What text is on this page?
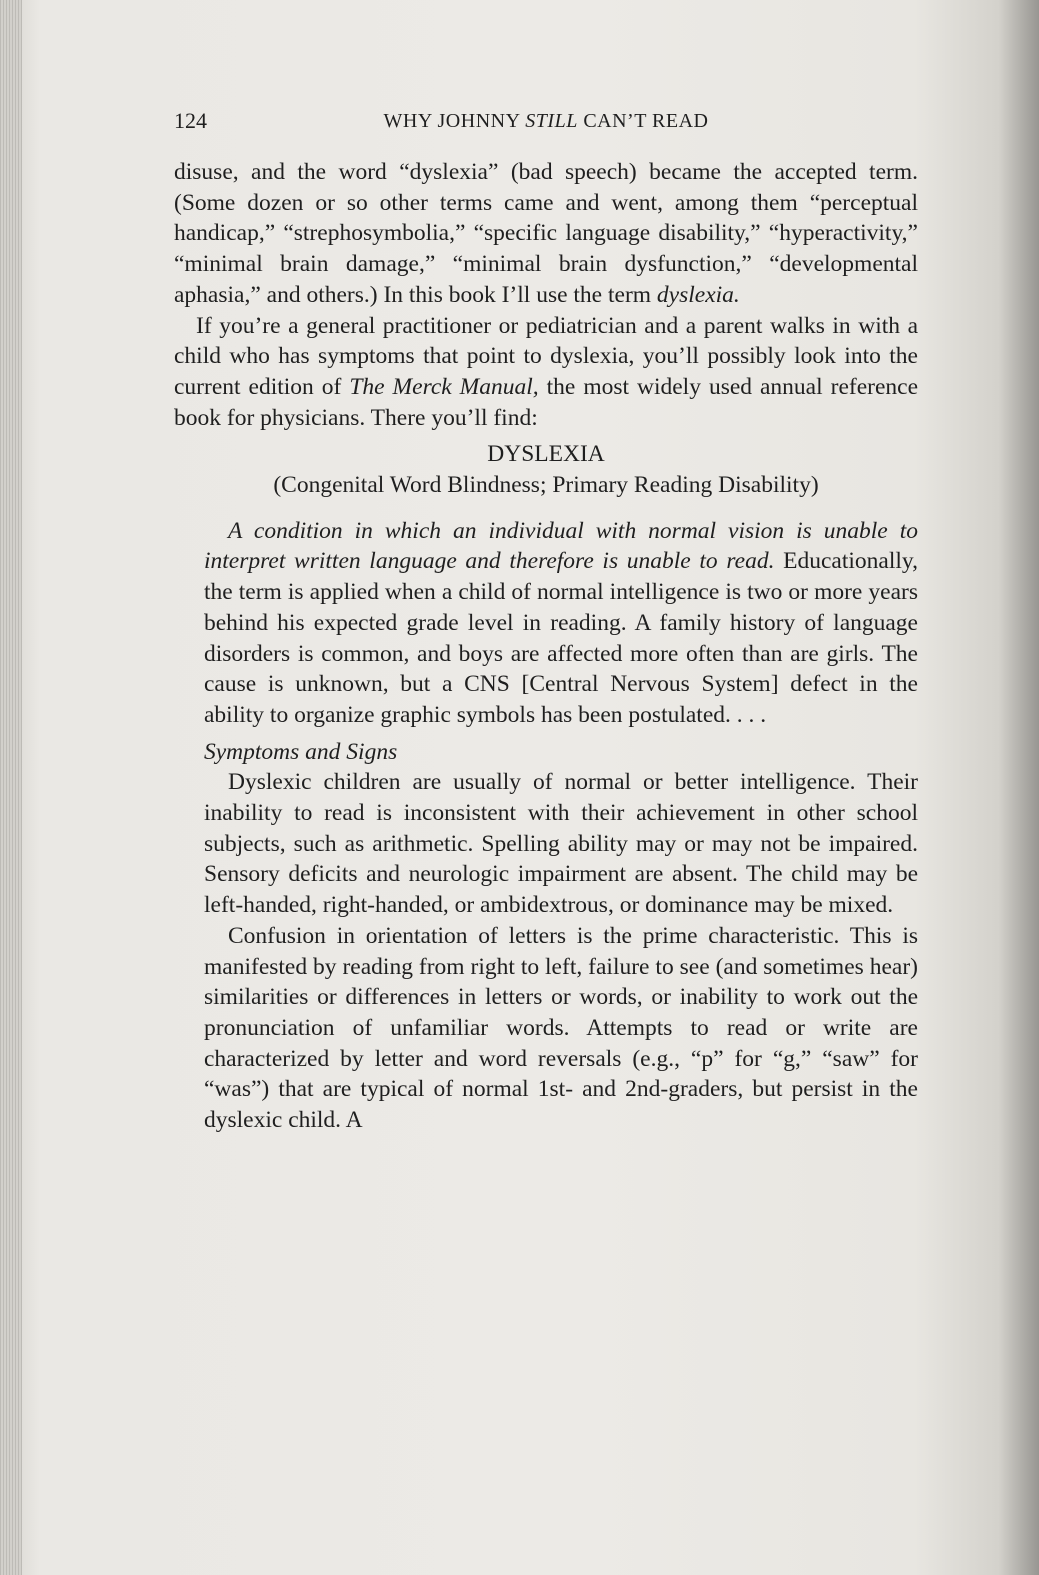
124	WHY JOHNNY STILL CAN’T READ

disuse, and the word “dyslexia” (bad speech) became the accepted term. (Some dozen or so other terms came and went, among them “perceptual handicap,” “strephosymbolia,” “specific language disability,” “hyperactivity,” “minimal brain damage,” “minimal brain dysfunction,” “developmental aphasia,” and others.) In this book I’ll use the term dyslexia.

If you’re a general practitioner or pediatrician and a parent walks in with a child who has symptoms that point to dyslexia, you’ll possibly look into the current edition of The Merck Manual, the most widely used annual reference book for physicians. There you’ll find:

DYSLEXIA

(Congenital Word Blindness; Primary Reading Disability)

A condition in which an individual with normal vision is unable to interpret written language and therefore is unable to read. Educationally, the term is applied when a child of normal intelligence is two or more years behind his expected grade level in reading. A family history of language disorders is common, and boys are affected more often than are girls. The cause is unknown, but a CNS [Central Nervous System] defect in the ability to organize graphic symbols has been postulated. . . .

Symptoms and Signs

Dyslexic children are usually of normal or better intelligence. Their inability to read is inconsistent with their achievement in other school subjects, such as arithmetic. Spelling ability may or may not be impaired. Sensory deficits and neurologic impairment are absent. The child may be left-handed, right-handed, or ambidextrous, or dominance may be mixed.

Confusion in orientation of letters is the prime characteristic. This is manifested by reading from right to left, failure to see (and sometimes hear) similarities or differences in letters or words, or inability to work out the pronunciation of unfamiliar words. Attempts to read or write are characterized by letter and word reversals (e.g., “p” for “g,” “saw” for “was”) that are typical of normal 1st- and 2nd-graders, but persist in the dyslexic child. A
